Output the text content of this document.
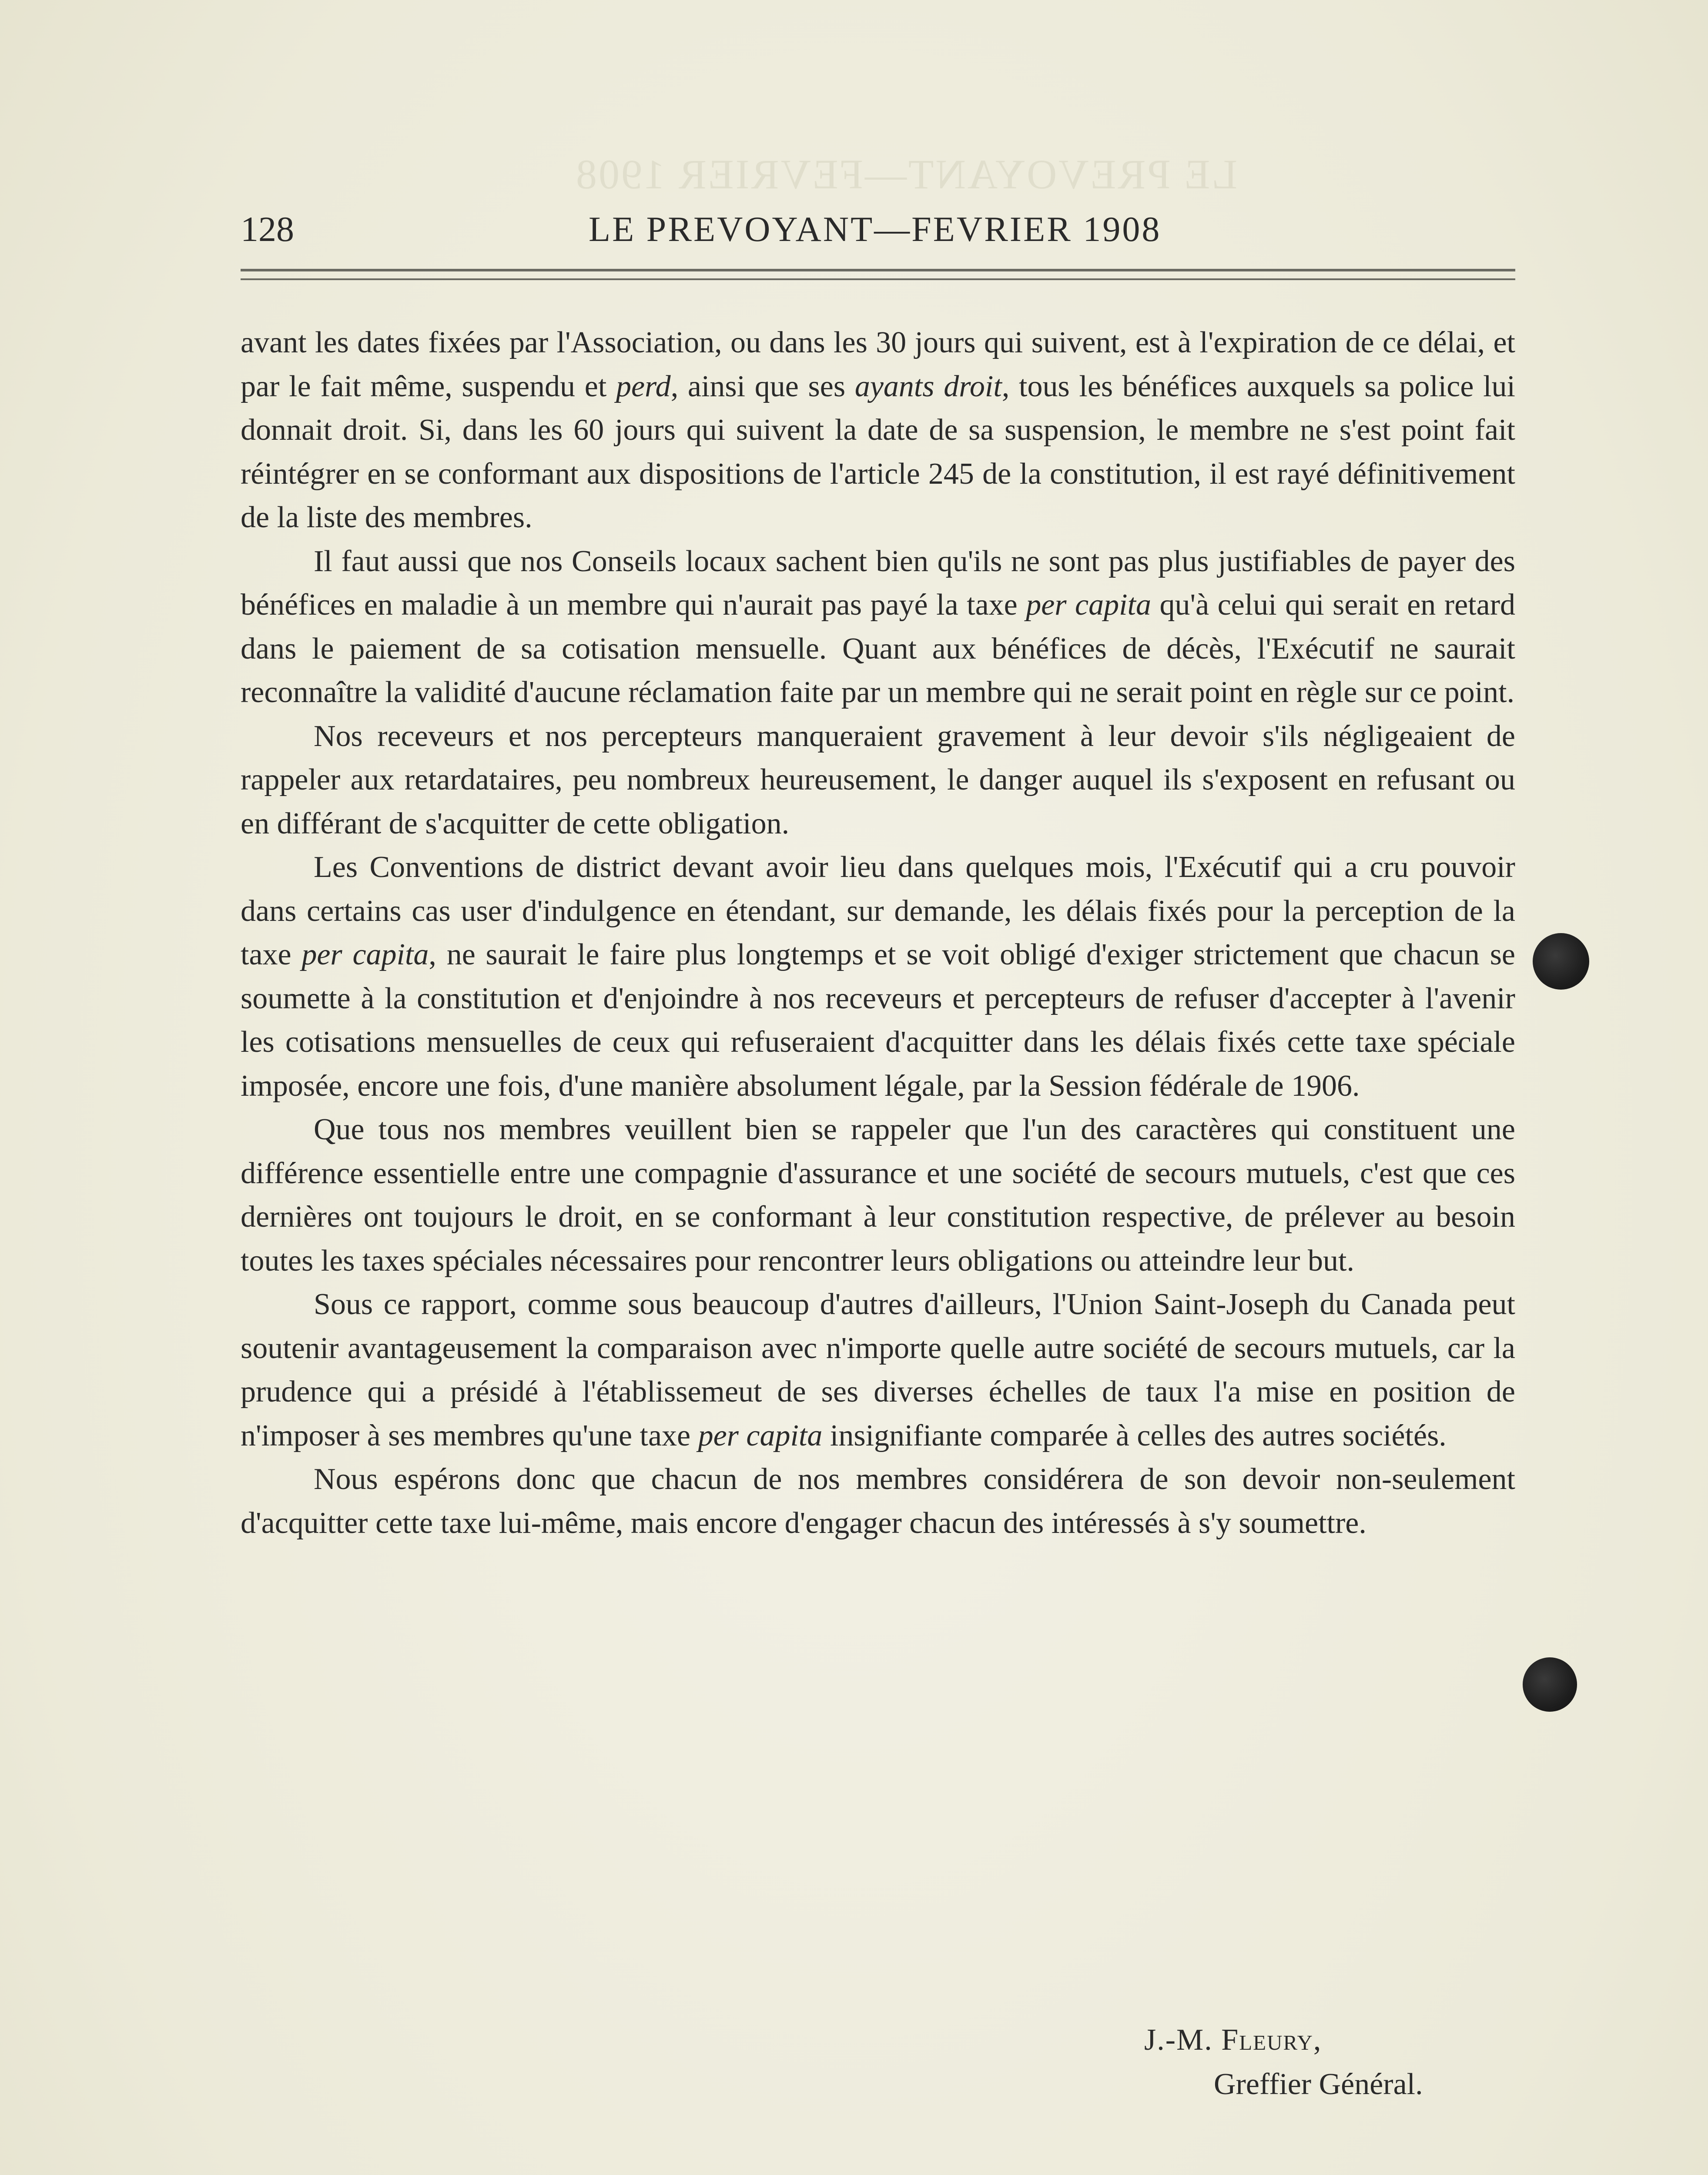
LE PREVOYANT—FEVRIER 1908
128	LE PREVOYANT—FEVRIER 1908

avant les dates fixées par l'Association, ou dans les 30 jours qui suivent, est à l'expiration de ce délai, et par le fait même, suspendu et perd, ainsi que ses ayants droit, tous les bénéfices auxquels sa police lui donnait droit. Si, dans les 60 jours qui suivent la date de sa suspension, le membre ne s'est point fait réintégrer en se conformant aux dispositions de l'article 245 de la constitution, il est rayé définitivement de la liste des membres.

Il faut aussi que nos Conseils locaux sachent bien qu'ils ne sont pas plus justifiables de payer des bénéfices en maladie à un membre qui n'aurait pas payé la taxe per capita qu'à celui qui serait en retard dans le paiement de sa cotisation mensuelle. Quant aux bénéfices de décès, l'Exécutif ne saurait reconnaître la validité d'aucune réclamation faite par un membre qui ne serait point en règle sur ce point.

Nos receveurs et nos percepteurs manqueraient gravement à leur devoir s'ils négligeaient de rappeler aux retardataires, peu nombreux heureusement, le danger auquel ils s'exposent en refusant ou en différant de s'acquitter de cette obligation.

Les Conventions de district devant avoir lieu dans quelques mois, l'Exécutif qui a cru pouvoir dans certains cas user d'indulgence en étendant, sur demande, les délais fixés pour la perception de la taxe per capita, ne saurait le faire plus longtemps et se voit obligé d'exiger strictement que chacun se soumette à la constitution et d'enjoindre à nos receveurs et percepteurs de refuser d'accepter à l'avenir les cotisations mensuelles de ceux qui refuseraient d'acquitter dans les délais fixés cette taxe spéciale imposée, encore une fois, d'une manière absolument légale, par la Session fédérale de 1906.

Que tous nos membres veuillent bien se rappeler que l'un des caractères qui constituent une différence essentielle entre une compagnie d'assurance et une société de secours mutuels, c'est que ces dernières ont toujours le droit, en se conformant à leur constitution respective, de prélever au besoin toutes les taxes spéciales nécessaires pour rencontrer leurs obligations ou atteindre leur but.

Sous ce rapport, comme sous beaucoup d'autres d'ailleurs, l'Union Saint-Joseph du Canada peut soutenir avantageusement la comparaison avec n'importe quelle autre société de secours mutuels, car la prudence qui a présidé à l'établissemeut de ses diverses échelles de taux l'a mise en position de n'imposer à ses membres qu'une taxe per capita insignifiante comparée à celles des autres sociétés.

Nous espérons donc que chacun de nos membres considérera de son devoir non-seulement d'acquitter cette taxe lui-même, mais encore d'engager chacun des intéressés à s'y soumettre.

J.-M. Fleury,
Greffier Général.
